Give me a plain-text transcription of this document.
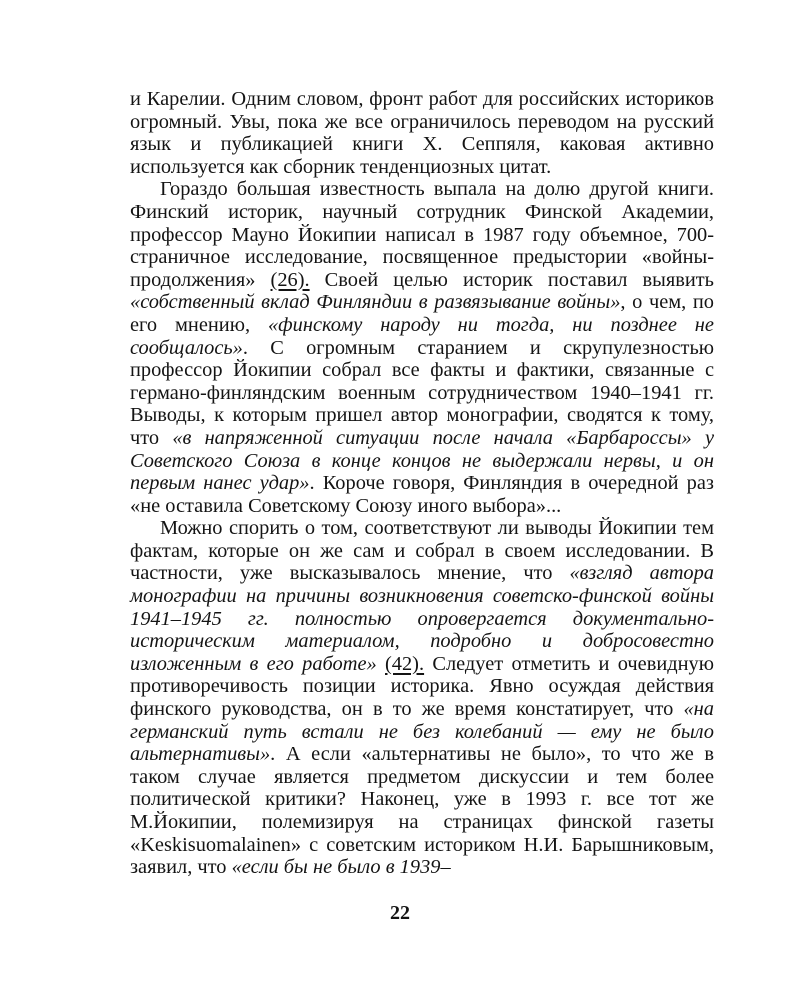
и Карелии. Одним словом, фронт работ для российских историков огромный. Увы, пока же все ограничилось переводом на русский язык и публикацией книги Х. Сеппяля, каковая активно используется как сборник тенденциозных цитат.

Гораздо большая известность выпала на долю другой книги. Финский историк, научный сотрудник Финской Академии, профессор Мауно Йокипии написал в 1987 году объемное, 700-страничное исследование, посвященное предыстории «войны-продолжения» (26). Своей целью историк поставил выявить «собственный вклад Финляндии в развязывание войны», о чем, по его мнению, «финскому народу ни тогда, ни позднее не сообщалось». С огромным старанием и скрупулезностью профессор Йокипии собрал все факты и фактики, связанные с германо-финляндским военным сотрудничеством 1940–1941 гг. Выводы, к которым пришел автор монографии, сводятся к тому, что «в напряженной ситуации после начала «Барбароссы» у Советского Союза в конце концов не выдержали нервы, и он первым нанес удар». Короче говоря, Финляндия в очередной раз «не оставила Советскому Союзу иного выбора»...

Можно спорить о том, соответствуют ли выводы Йокипии тем фактам, которые он же сам и собрал в своем исследовании. В частности, уже высказывалось мнение, что «взгляд автора монографии на причины возникновения советско-финской войны 1941–1945 гг. полностью опровергается документально-историческим материалом, подробно и добросовестно изложенным в его работе» (42). Следует отметить и очевидную противоречивость позиции историка. Явно осуждая действия финского руководства, он в то же время констатирует, что «на германский путь встали не без колебаний — ему не было альтернативы». А если «альтернативы не было», то что же в таком случае является предметом дискуссии и тем более политической критики? Наконец, уже в 1993 г. все тот же М.Йокипии, полемизируя на страницах финской газеты «Keskisuomalainen» с советским историком Н.И. Барышниковым, заявил, что «если бы не было в 1939–

22
